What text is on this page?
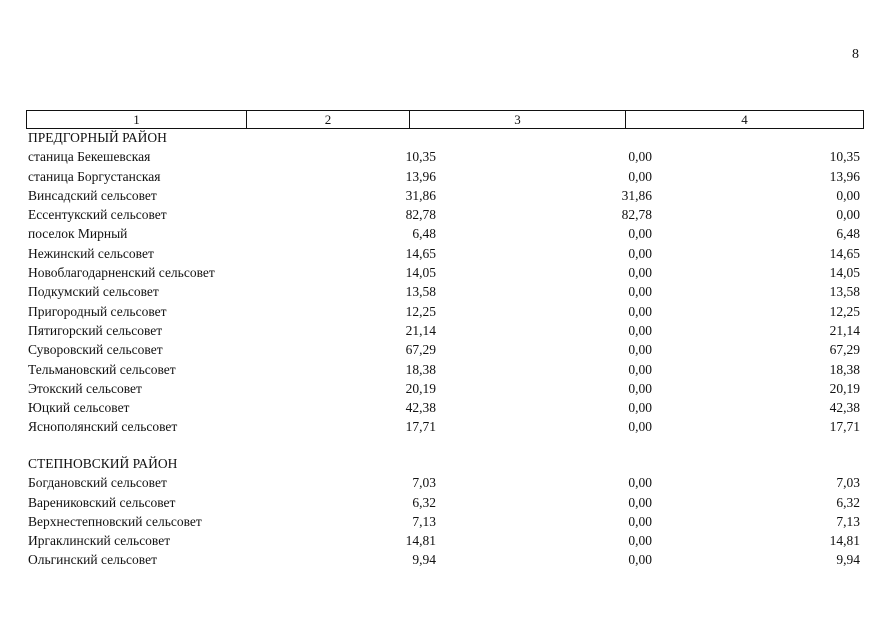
8
1	2	3	4
ПРЕДГОРНЫЙ РАЙОН
станица Бекешевская	10,35	0,00	10,35
станица Боргустанская	13,96	0,00	13,96
Винсадский сельсовет	31,86	31,86	0,00
Ессентукский сельсовет	82,78	82,78	0,00
поселок Мирный	6,48	0,00	6,48
Нежинский сельсовет	14,65	0,00	14,65
Новоблагодарненский сельсовет	14,05	0,00	14,05
Подкумский сельсовет	13,58	0,00	13,58
Пригородный сельсовет	12,25	0,00	12,25
Пятигорский сельсовет	21,14	0,00	21,14
Суворовский сельсовет	67,29	0,00	67,29
Тельмановский сельсовет	18,38	0,00	18,38
Этокский сельсовет	20,19	0,00	20,19
Юцкий сельсовет	42,38	0,00	42,38
Яснополянский сельсовет	17,71	0,00	17,71
СТЕПНОВСКИЙ РАЙОН
Богдановский сельсовет	7,03	0,00	7,03
Варениковский сельсовет	6,32	0,00	6,32
Верхнестепновский сельсовет	7,13	0,00	7,13
Иргаклинский сельсовет	14,81	0,00	14,81
Ольгинский сельсовет	9,94	0,00	9,94
